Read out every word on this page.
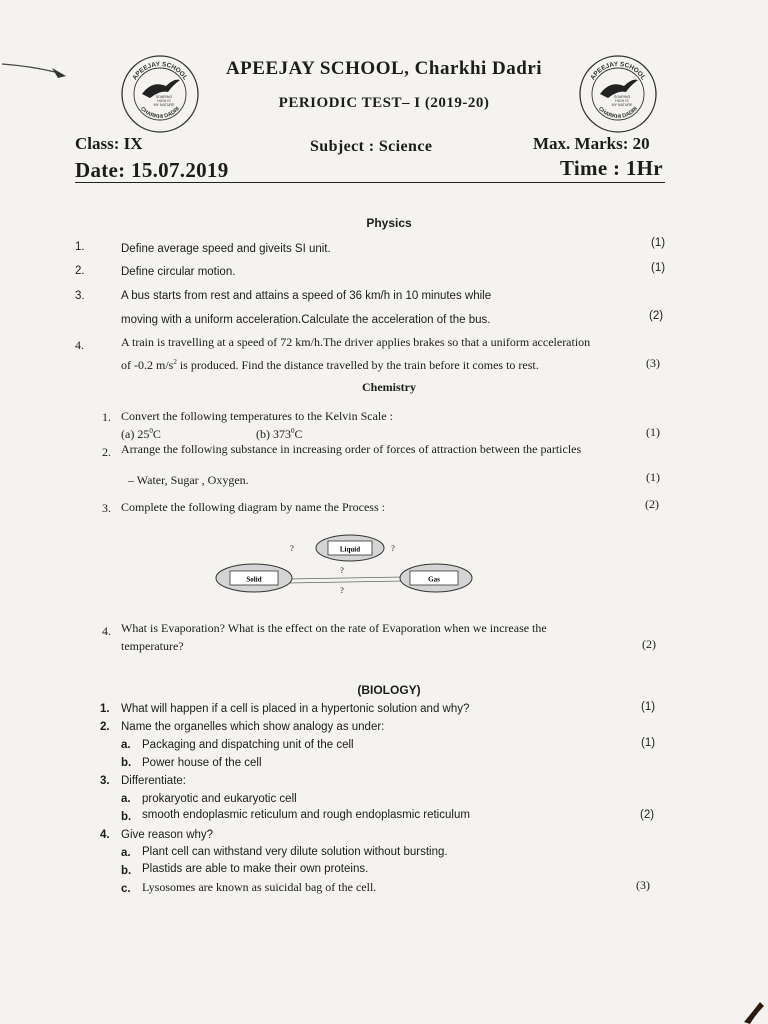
APEEJAY SCHOOL
CHARKHI DADRI
SOARING
HIGH IS
MY NATURE
APEEJAY SCHOOL
CHARKHI DADRI
SOARING
HIGH IS
MY NATURE
APEEJAY SCHOOL, Charkhi Dadri
PERIODIC TEST– I (2019-20)
Class: IX	Subject : Science	Max. Marks: 20
Date: 15.07.2019	Time : 1Hr
Physics
1.	Define average speed and giveits SI unit.	(1)
2.	Define circular motion.	(1)
3.	A bus starts from rest and attains a speed of 36 km/h in 10 minutes while
moving with a uniform acceleration.Calculate the acceleration of the bus.	(2)
4.	A train is travelling at a speed of 72 km/h.The driver applies brakes so that a uniform acceleration
of -0.2 $m/s^2$ is produced. Find the distance travelled by the train before it comes to rest.	(3)
Chemistry
1. Convert the following temperatures to the Kelvin Scale :
(a) $25^0C$	(b) $373^0C$	(1)
2. Arrange the following substance in increasing order of forces of attraction between the particles
– Water, Sugar , Oxygen.	(1)
3. Complete the following diagram by name the Process :	(2)
Liquid
Solid	Gas
?	?
?
?
4. What is Evaporation? What is the effect on the rate of Evaporation when we increase the
temperature?	(2)
(BIOLOGY)
1. What will happen if a cell is placed in a hypertonic solution and why?	(1)
2. Name the organelles which show analogy as under:
a. Packaging and dispatching unit of the cell	(1)
b. Power house of the cell
3. Differentiate:
a. prokaryotic and eukaryotic cell
b. smooth endoplasmic reticulum and rough endoplasmic reticulum	(2)
4. Give reason why?
a. Plant cell can withstand very dilute solution without bursting.
b. Plastids are able to make their own proteins.
c. Lysosomes are known as suicidal bag of the cell.	(3)
